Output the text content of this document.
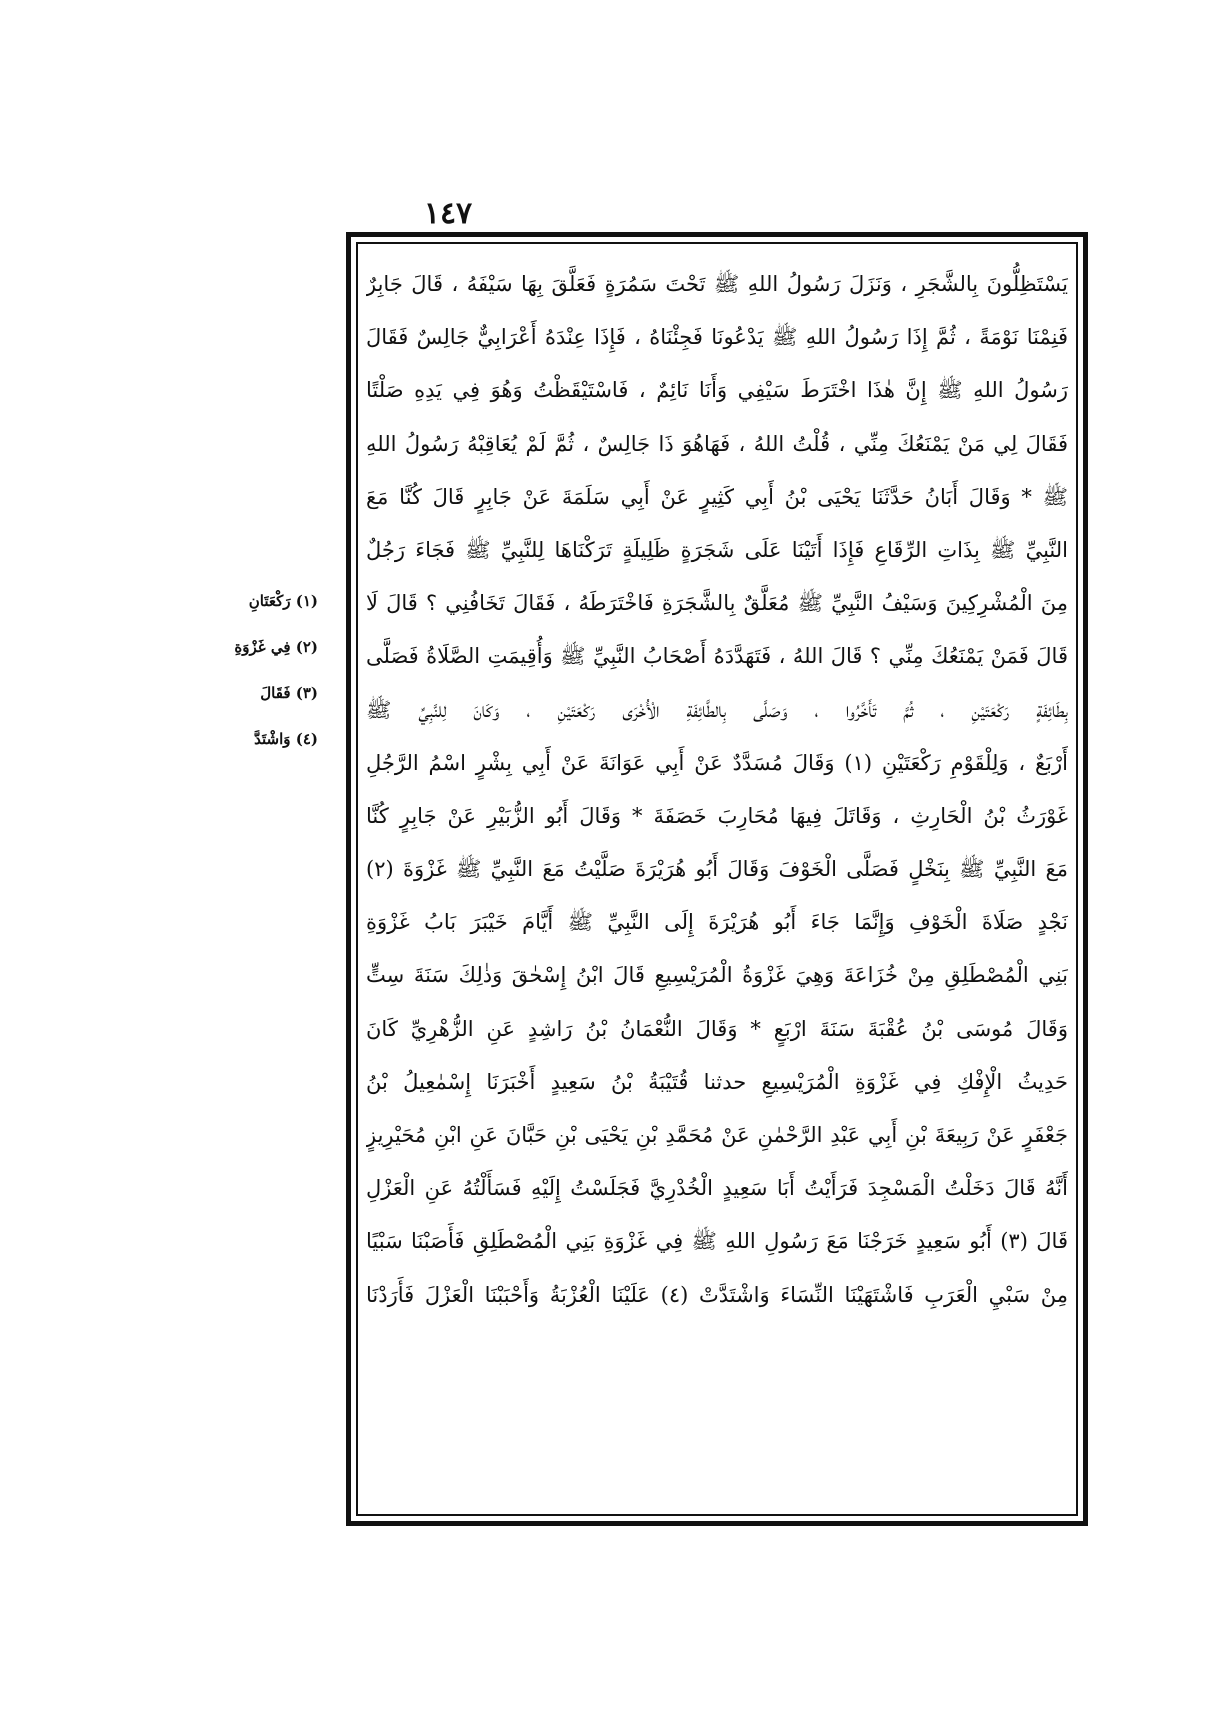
١٤٧
يَسْتَظِلُّونَ بِالشَّجَرِ ، وَنَزَلَ رَسُولُ اللهِ ﷺ تَحْتَ سَمُرَةٍ فَعَلَّقَ بِهَا سَيْفَهُ ، قَالَ جَابِرٌ
فَنِمْنَا نَوْمَةً ، ثُمَّ إِذَا رَسُولُ اللهِ ﷺ يَدْعُونَا فَجِئْنَاهُ ، فَإِذَا عِنْدَهُ أَعْرَابِيٌّ جَالِسٌ فَقَالَ
رَسُولُ اللهِ ﷺ إِنَّ هٰذَا اخْتَرَطَ سَيْفِي وَأَنَا نَائِمٌ ، فَاسْتَيْقَظْتُ وَهُوَ فِي يَدِهِ صَلْتًا
فَقَالَ لِي مَنْ يَمْنَعُكَ مِنِّي ، قُلْتُ اللهُ ، فَهَاهُوَ ذَا جَالِسٌ ، ثُمَّ لَمْ يُعَاقِبْهُ رَسُولُ اللهِ
ﷺ * وَقَالَ أَبَانُ حَدَّثَنَا يَحْيَى بْنُ أَبِي كَثِيرٍ عَنْ أَبِي سَلَمَةَ عَنْ جَابِرٍ قَالَ كُنَّا مَعَ
النَّبِيِّ ﷺ بِذَاتِ الرِّقَاعِ فَإِذَا أَتَيْنَا عَلَى شَجَرَةٍ ظَلِيلَةٍ تَرَكْنَاهَا لِلنَّبِيِّ ﷺ فَجَاءَ رَجُلٌ
مِنَ الْمُشْرِكِينَ وَسَيْفُ النَّبِيِّ ﷺ مُعَلَّقٌ بِالشَّجَرَةِ فَاخْتَرَطَهُ ، فَقَالَ تَخَافُنِي ؟ قَالَ لَا
قَالَ فَمَنْ يَمْنَعُكَ مِنِّي ؟ قَالَ اللهُ ، فَتَهَدَّدَهُ أَصْحَابُ النَّبِيِّ ﷺ وَأُقِيمَتِ الصَّلَاةُ فَصَلَّى
بِطَائِفَةٍ رَكْعَتَيْنِ ، ثُمَّ تَأَخَّرُوا ، وَصَلَّى بِالطَّائِفَةِ الْأُخْرَى رَكْعَتَيْنِ ، وَكَانَ لِلنَّبِيِّ ﷺ
أَرْبَعٌ ، وَلِلْقَوْمِ رَكْعَتَيْنِ (١) وَقَالَ مُسَدَّدٌ عَنْ أَبِي عَوَانَةَ عَنْ أَبِي بِشْرٍ اسْمُ الرَّجُلِ
غَوْرَثُ بْنُ الْحَارِثِ ، وَقَاتَلَ فِيهَا مُحَارِبَ خَصَفَةَ * وَقَالَ أَبُو الزُّبَيْرِ عَنْ جَابِرٍ كُنَّا
مَعَ النَّبِيِّ ﷺ بِنَخْلٍ فَصَلَّى الْخَوْفَ وَقَالَ أَبُو هُرَيْرَةَ صَلَّيْتُ مَعَ النَّبِيِّ ﷺ غَزْوَةَ (٢)
نَجْدٍ صَلَاةَ الْخَوْفِ وَإِنَّمَا جَاءَ أَبُو هُرَيْرَةَ إِلَى النَّبِيِّ ﷺ أَيَّامَ خَيْبَرَ بَابُ غَزْوَةِ
بَنِي الْمُصْطَلِقِ مِنْ خُزَاعَةَ وَهِيَ غَزْوَةُ الْمُرَيْسِيعِ قَالَ ابْنُ إِسْحٰقَ وَذٰلِكَ سَنَةَ سِتٍّ
وَقَالَ مُوسَى بْنُ عُقْبَةَ سَنَةَ ارْبَعٍ * وَقَالَ النُّعْمَانُ بْنُ رَاشِدٍ عَنِ الزُّهْرِيِّ كَانَ
حَدِيثُ الْإِفْكِ فِي غَزْوَةِ الْمُرَيْسِيعِ حدثنا قُتَيْبَةُ بْنُ سَعِيدٍ أَخْبَرَنَا إِسْمٰعِيلُ بْنُ
جَعْفَرٍ عَنْ رَبِيعَةَ بْنِ أَبِي عَبْدِ الرَّحْمٰنِ عَنْ مُحَمَّدِ بْنِ يَحْيَى بْنِ حَبَّانَ عَنِ ابْنِ مُحَيْرِيزٍ
أَنَّهُ قَالَ دَخَلْتُ الْمَسْجِدَ فَرَأَيْتُ أَبَا سَعِيدٍ الْخُدْرِيَّ فَجَلَسْتُ إِلَيْهِ فَسَأَلْتُهُ عَنِ الْعَزْلِ
قَالَ (٣) أَبُو سَعِيدٍ خَرَجْنَا مَعَ رَسُولِ اللهِ ﷺ فِي غَزْوَةِ بَنِي الْمُصْطَلِقِ فَأَصَبْنَا سَبْيًا
مِنْ سَبْيِ الْعَرَبِ فَاشْتَهَيْنَا النِّسَاءَ وَاشْتَدَّتْ (٤) عَلَيْنَا الْعُزْبَةُ وَأَحْبَبْنَا الْعَزْلَ فَأَرَدْنَا
(١) رَكْعَتَانِ
(٢) فِي غَزْوَةِ
(٣) فَقَالَ
(٤) وَاشْتَدَّ
